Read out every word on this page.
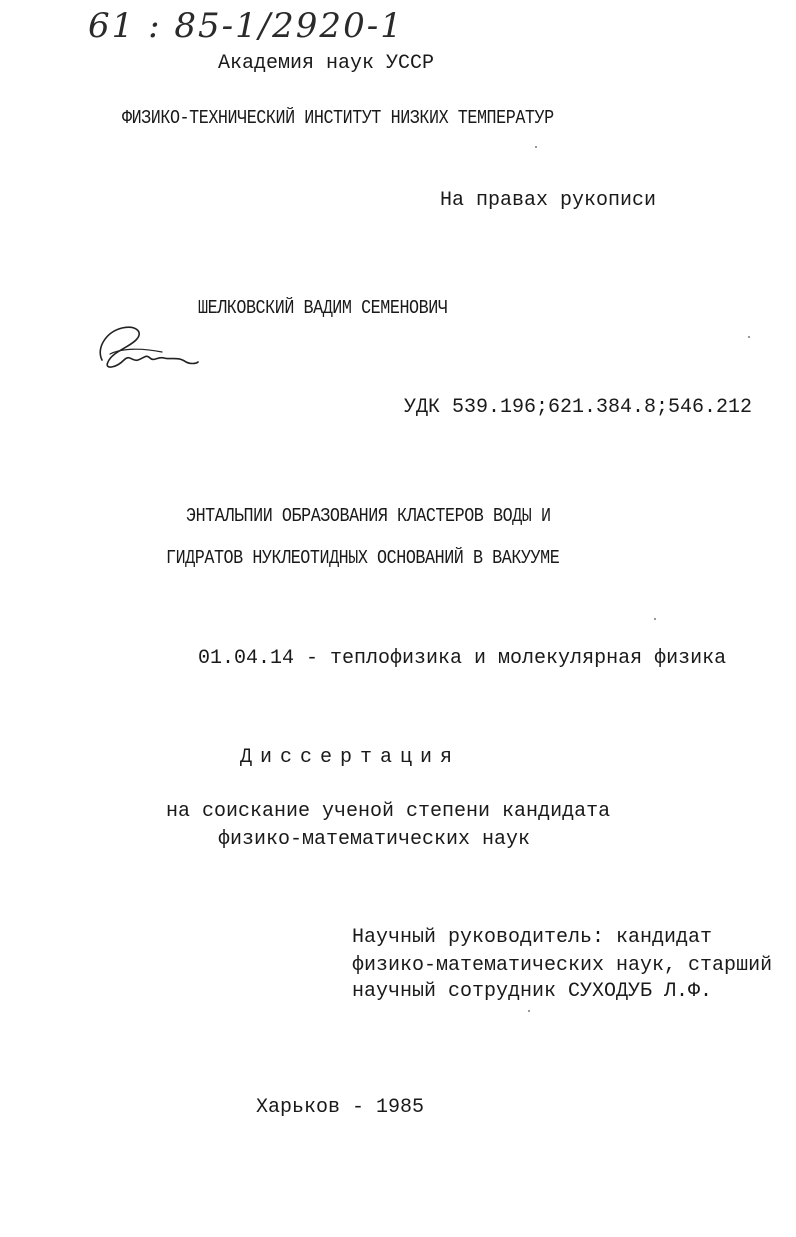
61 : 85-1/2920-1
Академия наук УССР
ФИЗИКО-ТЕХНИЧЕСКИЙ ИНСТИТУТ НИЗКИХ ТЕМПЕРАТУР
На правах рукописи
ШЕЛКОВСКИЙ ВАДИМ СЕМЕНОВИЧ
УДК 539.196;621.384.8;546.212
ЭНТАЛЬПИИ ОБРАЗОВАНИЯ КЛАСТЕРОВ ВОДЫ И
ГИДРАТОВ НУКЛЕОТИДНЫХ ОСНОВАНИЙ В ВАКУУМЕ
01.04.14 - теплофизика и молекулярная физика
Диссертация
на соискание ученой степени кандидата
физико-математических наук
Научный руководитель: кандидат
физико-математических наук, старший
научный сотрудник СУХОДУБ Л.Ф.
Харьков - 1985
